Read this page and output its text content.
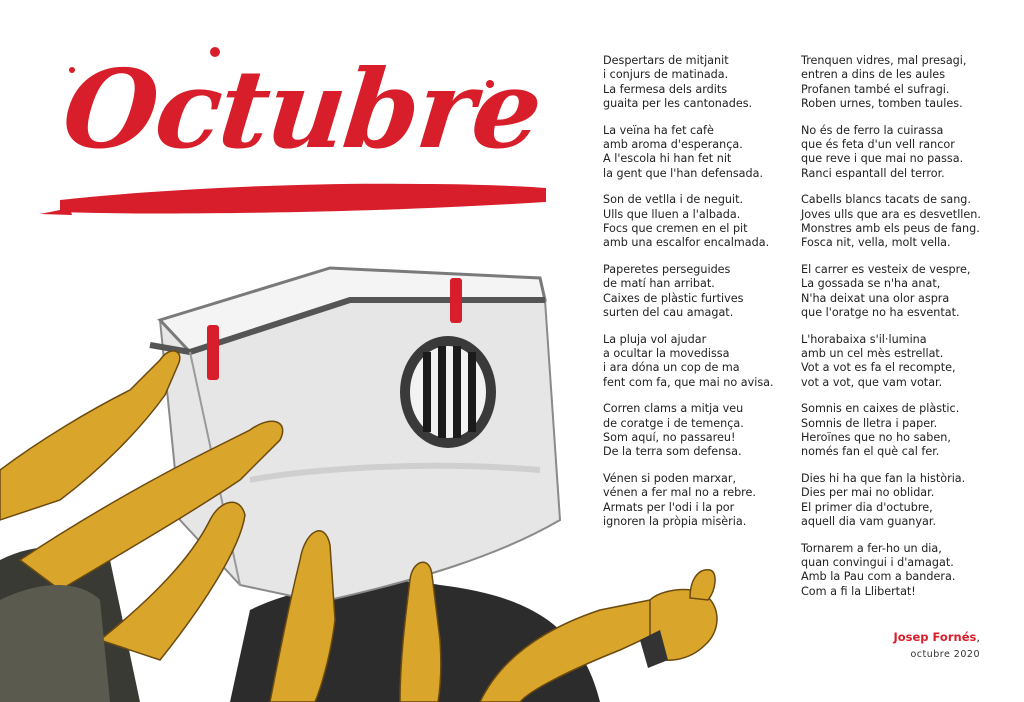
Octubre	Despertars de mitjanit
i conjurs de matinada.
La fermesa dels ardits
guaita per les cantonades.
La veïna ha fet cafè
amb aroma d'esperança.
A l'escola hi han fet nit
la gent que l'han defensada.
Son de vetlla i de neguit.
Ulls que lluen a l'albada.
Focs que cremen en el pit
amb una escalfor encalmada.
Paperetes perseguides
de matí han arribat.
Caixes de plàstic furtives
surten del cau amagat.
La pluja vol ajudar
a ocultar la movedissa
i ara dóna un cop de ma
fent com fa, que mai no avisa.
Corren clams a mitja veu
de coratge i de temença.
Som aquí, no passareu!
De la terra som defensa.
Vénen si poden marxar,
vénen a fer mal no a rebre.
Armats per l'odi i la por
ignoren la pròpia misèria.
Trenquen vidres, mal presagi,
entren a dins de les aules
Profanen també el sufragi.
Roben urnes, tomben taules.
No és de ferro la cuirassa
que és feta d'un vell rancor
que reve i que mai no passa.
Ranci espantall del terror.
Cabells blancs tacats de sang.
Joves ulls que ara es desvetllen.
Monstres amb els peus de fang.
Fosca nit, vella, molt vella.
El carrer es vesteix de vespre,
La gossada se n'ha anat,
N'ha deixat una olor aspra
que l'oratge no ha esventat.
L'horabaixa s'il·lumina
amb un cel mès estrellat.
Vot a vot es fa el recompte,
vot a vot, que vam votar.
Somnis en caixes de plàstic.
Somnis de lletra i paper.
Heroïnes que no ho saben,
només fan el què cal fer.
Dies hi ha que fan la història.
Dies per mai no oblidar.
El primer dia d'octubre,
aquell dia vam guanyar.
Tornarem a fer-ho un dia,
quan convingui i d'amagat.
Amb la Pau com a bandera.
Com a fi la Llibertat!
Josep Fornés,
octubre 2020
